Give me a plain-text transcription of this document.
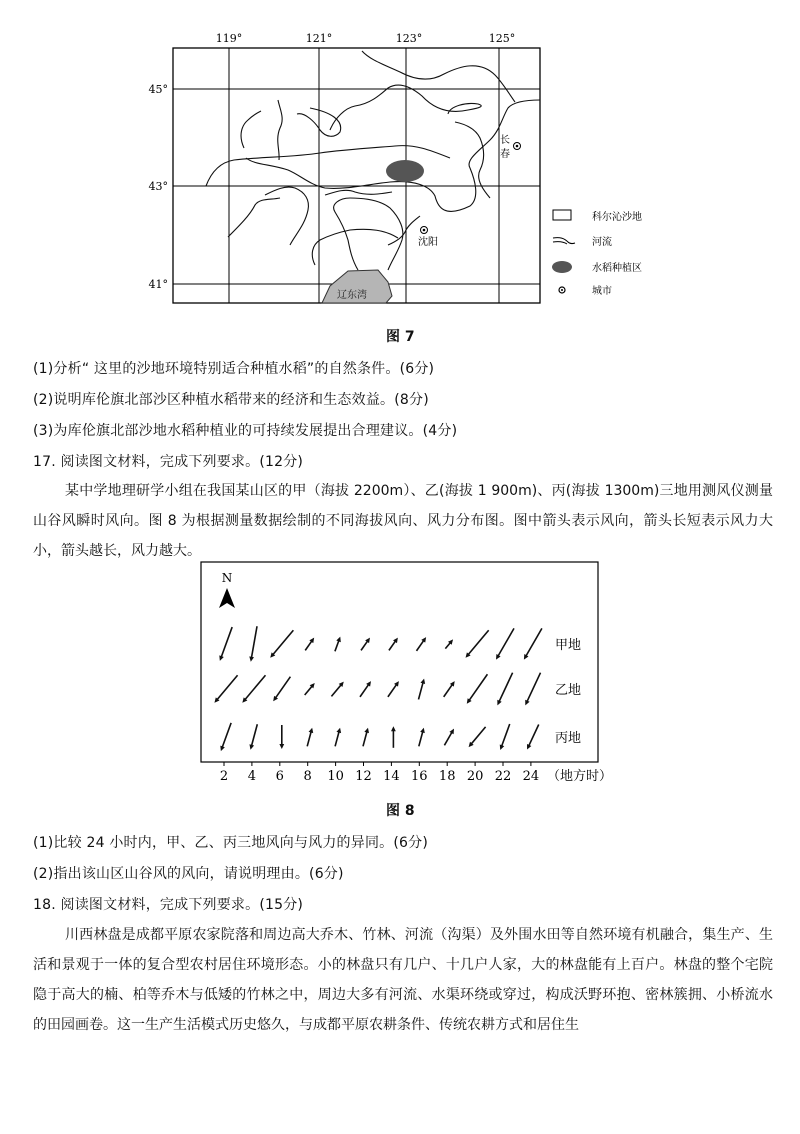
119°	121°	123°	125°
45°
43°
41°
辽东湾
长
春
沈阳
科尔沁沙地
河流
水稻种植区
城市
图 7
(1)分析“ 这里的沙地环境特别适合种植水稻”的自然条件。(6分)
(2)说明库伦旗北部沙区种植水稻带来的经济和生态效益。(8分)
(3)为库伦旗北部沙地水稻种植业的可持续发展提出合理建议。(4分)
17. 阅读图文材料，完成下列要求。(12分)
某中学地理研学小组在我国某山区的甲（海拔 2200m）、乙(海拔 1 900m)、丙(海拔 1300m)三地用测风仪测量山谷风瞬时风向。图 8 为根据测量数据绘制的不同海拔风向、风力分布图。图中箭头表示风向，箭头长短表示风力大小，箭头越长，风力越大。
N
2 4 6 8 10 12 14 16 18 20 22 24
甲地
乙地
丙地
（地方时）
图 8
(1)比较 24 小时内，甲、乙、丙三地风向与风力的异同。(6分)
(2)指出该山区山谷风的风向，请说明理由。(6分)
18. 阅读图文材料，完成下列要求。(15分)
川西林盘是成都平原农家院落和周边高大乔木、竹林、河流（沟渠）及外围水田等自然环境有机融合，集生产、生活和景观于一体的复合型农村居住环境形态。小的林盘只有几户、十几户人家，大的林盘能有上百户。林盘的整个宅院隐于高大的楠、柏等乔木与低矮的竹林之中，周边大多有河流、水渠环绕或穿过，构成沃野环抱、密林簇拥、小桥流水的田园画卷。这一生产生活模式历史悠久，与成都平原农耕条件、传统农耕方式和居住生
